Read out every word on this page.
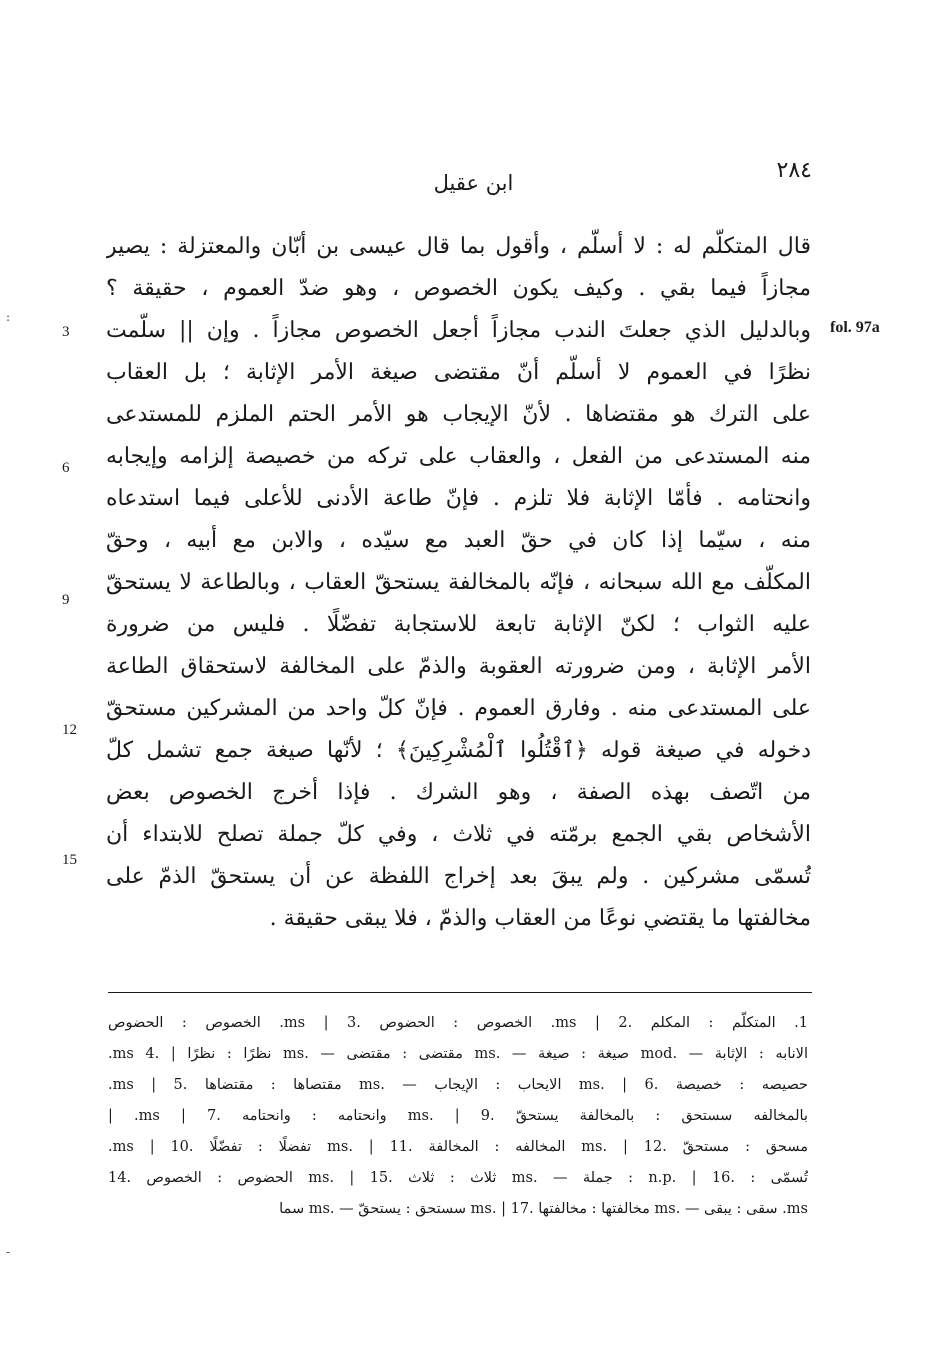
٢٨٤
ابن عقيل
fol. 97a
3
6
9
12
15
قال المتكلّم له : لا أسلّم ، وأقول بما قال عيسى بن أبّان والمعتزلة : يصير
مجازاً فيما بقي . وكيف يكون الخصوص ، وهو ضدّ العموم ، حقيقة ؟
وبالدليل الذي جعلتَ الندب مجازاً أجعل الخصوص مجازاً . وإن || سلّمت
نظرًا في العموم لا أسلّم أنّ مقتضى صيغة الأمر الإثابة ؛ بل العقاب
على الترك هو مقتضاها . لأنّ الإيجاب هو الأمر الحتم الملزم للمستدعى
منه المستدعى من الفعل ، والعقاب على تركه من خصيصة إلزامه وإيجابه
وانحتامه . فأمّا الإثابة فلا تلزم . فإنّ طاعة الأدنى للأعلى فيما استدعاه
منه ، سيّما إذا كان في حقّ العبد مع سيّده ، والابن مع أبيه ، وحقّ
المكلّف مع الله سبحانه ، فإنّه بالمخالفة يستحقّ العقاب ، وبالطاعة لا يستحقّ
عليه الثواب ؛ لكنّ الإثابة تابعة للاستجابة تفضّلًا . فليس من ضرورة
الأمر الإثابة ، ومن ضرورته العقوبة والذمّ على المخالفة لاستحقاق الطاعة
على المستدعى منه . وفارق العموم . فإنّ كلّ واحد من المشركين مستحقّ
دخوله في صيغة قوله ﴿ٱقْتُلُوا ٱلْمُشْرِكِينَ﴾ ؛ لأنّها صيغة جمع تشمل كلّ
من اتّصف بهذه الصفة ، وهو الشرك . فإذا أخرج الخصوص بعض
الأشخاص بقي الجمع برمّته في ثلاث ، وفي كلّ جملة تصلح للابتداء أن
تُسمّى مشركين . ولم يبقَ بعد إخراج اللفظة عن أن يستحقّ الذمّ على
مخالفتها ما يقتضي نوعًا من العقاب والذمّ ، فلا يبقى حقيقة .
1. المتكلّم : المكلم .ms | 2. الخصوص : الحضوص .ms | 3. الخصوص : الحضوص
الانابه : الإثابة — .mod صيغة : صيغة — .ms مقتضى : مقتضى — .ms نظرًا : نظرًا | .4 ms.
حصيصه : خصيصة .6 | .ms الايحاب : الإيجاب — .ms مقتصاها : مقتضاها .5 | ms.
بالمخالفه سستحق : بالمخالفة يستحقّ .9 | .ms وانحتامه : وانحتامه .7 | ms. |
مسحق : مستحقّ .12 | .ms المخالفه : المخالفة .11 | .ms تفضلًا : تفضّلًا .10 | ms.
تُسمّى : .16 | .n.p : جملة — .ms ثلاث : ثلاث .15 | .ms الحضوص : الخصوص .14
ms. سقى : يبقى — .ms مخالفتها : مخالفتها .17 | .ms سستحق : يستحقّ — .ms سما
:
-
